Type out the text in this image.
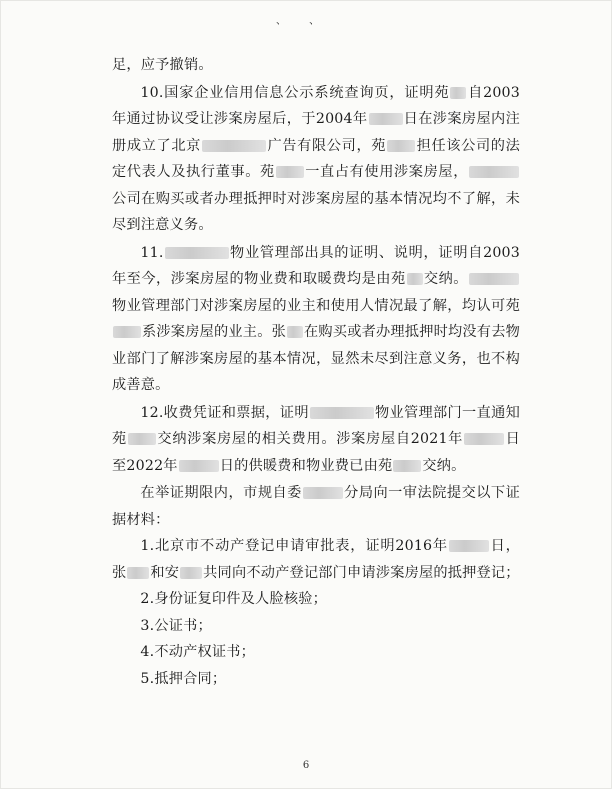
、 、

足，应予撤销。

10.国家企业信用信息公示系统查询页，证明苑 自2003年通过协议受让涉案房屋后，于2004年	日在涉案房屋内注册成立了北京	广告有限公司，苑 担任该公司的法定代表人及执行董事。苑 一直占有使用涉案房屋，公司在购买或者办理抵押时对涉案房屋的基本情况均不了解，未尽到注意义务。

11.	物业管理部出具的证明、说明，证明自2003年至今，涉案房屋的物业费和取暖费均是由苑 交纳。物业管理部门对涉案房屋的业主和使用人情况最了解，均认可苑系涉案房屋的业主。张 在购买或者办理抵押时均没有去物业部门了解涉案房屋的基本情况，显然未尽到注意义务，也不构成善意。

12.收费凭证和票据，证明	物业管理部门一直通知苑 交纳涉案房屋的相关费用。涉案房屋自2021年	日至2022年	日的供暖费和物业费已由苑 交纳。

在举证期限内，市规自委	分局向一审法院提交以下证据材料：

1.北京市不动产登记申请审批表，证明2016年	日，张 和安 共同向不动产登记部门申请涉案房屋的抵押登记；

2.身份证复印件及人脸核验；

3.公证书；

4.不动产权证书；

5.抵押合同；

6
